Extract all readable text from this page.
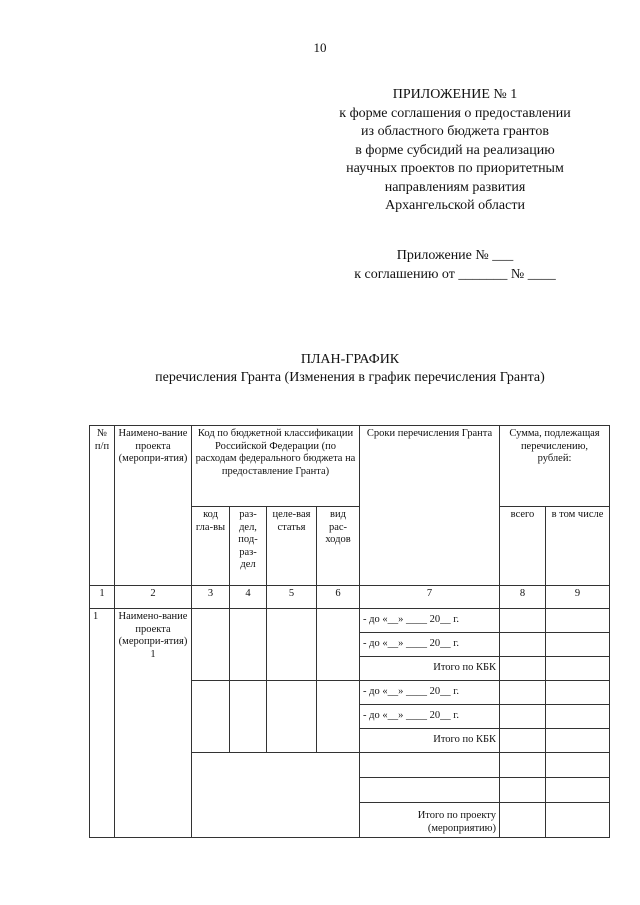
10
ПРИЛОЖЕНИЕ № 1
к форме соглашения о предоставлении
из областного бюджета грантов
в форме субсидий на реализацию
научных проектов по приоритетным
направлениям развития
Архангельской области
Приложение № ___
к соглашению от _______ № ____
ПЛАН-ГРАФИК
перечисления Гранта (Изменения в график перечисления Гранта)
№ п/п	Наимено-вание проекта (меропри-ятия)	Код по бюджетной классификации Российской Федерации (по расходам федерального бюджета на предоставление Гранта)				Сроки перечисления Гранта	Сумма, подлежащая перечислению, рублей:	
		код гла-вы	раз-дел, под-раз-дел	целе-вая статья	вид рас-ходов		всего	в том числе
1	2	3	4	5	6	7	8	9
1	Наимено-вание проекта (меропри-ятия) 1					- до «__» ____ 20__ г.		
						- до «__» ____ 20__ г.		
						Итого по КБК		
						- до «__» ____ 20__ г.		
						- до «__» ____ 20__ г.		
						Итого по КБК		

						Итого по проекту (мероприятию)		
